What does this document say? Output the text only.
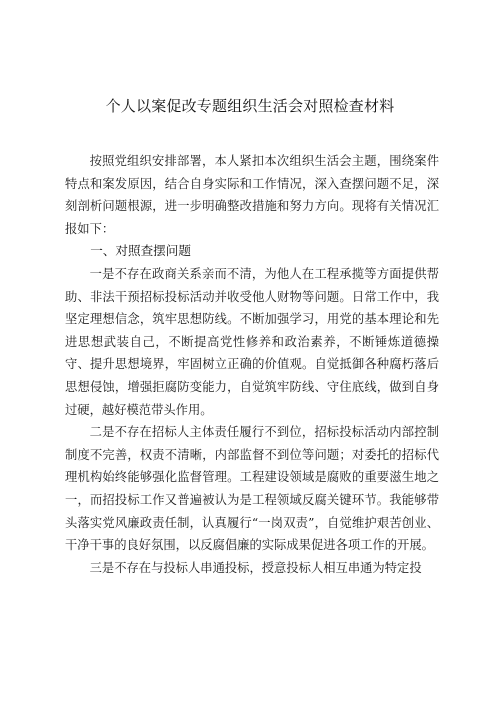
个人以案促改专题组织生活会对照检查材料

按照党组织安排部署，本人紧扣本次组织生活会主题，围绕案件特点和案发原因，结合自身实际和工作情况，深入查摆问题不足，深刻剖析问题根源，进一步明确整改措施和努力方向。现将有关情况汇报如下：

一、对照查摆问题

一是不存在政商关系亲而不清，为他人在工程承揽等方面提供帮助、非法干预招标投标活动并收受他人财物等问题。日常工作中，我坚定理想信念，筑牢思想防线。不断加强学习，用党的基本理论和先进思想武装自己，不断提高党性修养和政治素养，不断锤炼道德操守、提升思想境界，牢固树立正确的价值观。自觉抵御各种腐朽落后思想侵蚀，增强拒腐防变能力，自觉筑牢防线、守住底线，做到自身过硬，越好模范带头作用。

二是不存在招标人主体责任履行不到位，招标投标活动内部控制制度不完善，权责不清晰，内部监督不到位等问题；对委托的招标代理机构始终能够强化监督管理。工程建设领域是腐败的重要滋生地之一，而招投标工作又普遍被认为是工程领域反腐关键环节。我能够带头落实党风廉政责任制，认真履行“一岗双责”，自觉维护艰苦创业、干净干事的良好氛围，以反腐倡廉的实际成果促进各项工作的开展。

三是不存在与投标人串通投标，授意投标人相互串通为特定投
